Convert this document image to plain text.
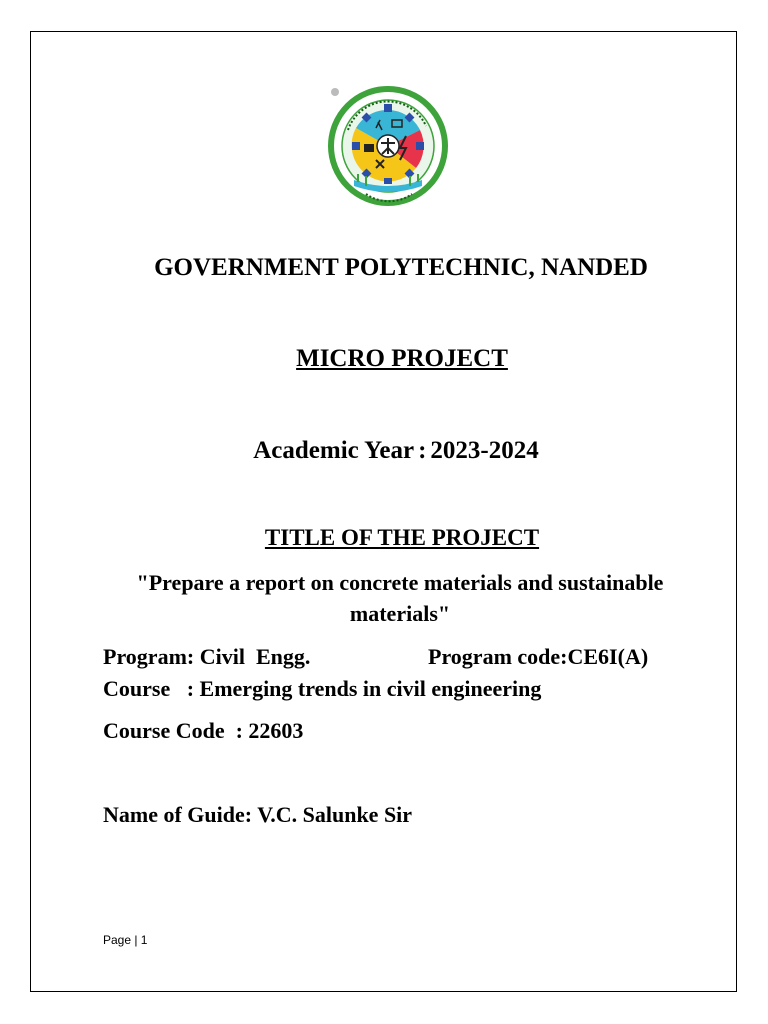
GOVERNMENT POLYTECHNIC, NANDED
MICRO PROJECT
Academic Year : 2023-2024
TITLE OF THE PROJECT
"Prepare a report on concrete materials and sustainable materials"
Program: Civil  Engg.	Program code:CE6I(A)
Course   : Emerging trends in civil engineering
Course Code  : 22603
Name of Guide: V.C. Salunke Sir
Page | 1
